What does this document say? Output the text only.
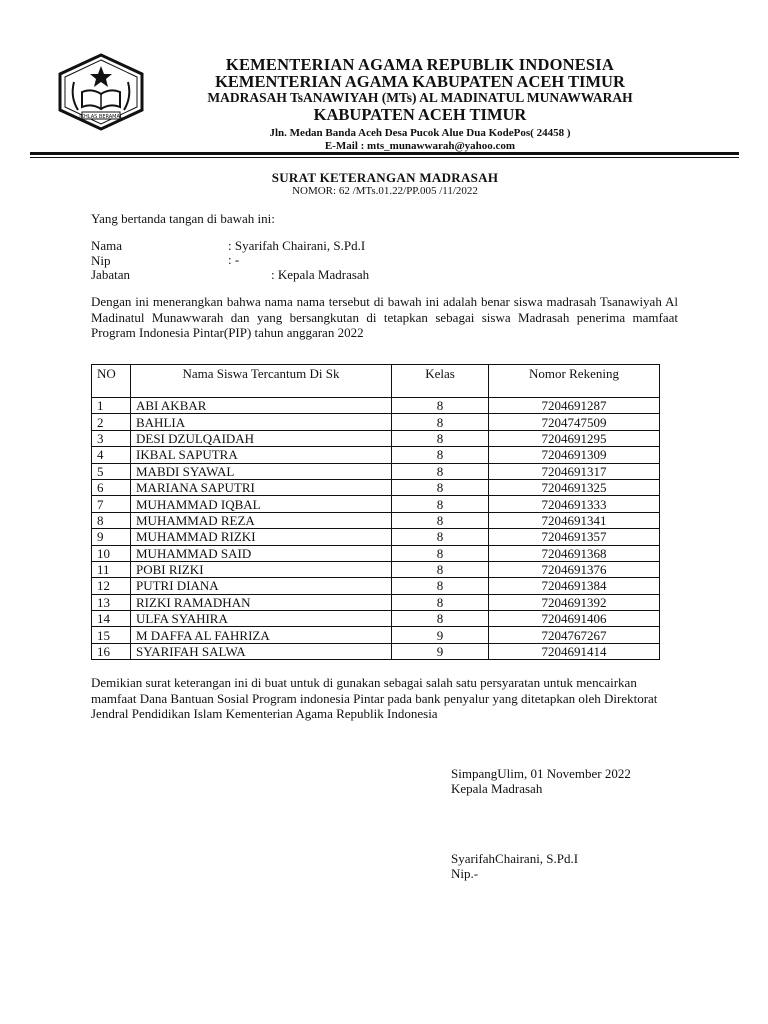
IKHLAS BERAMAL
KEMENTERIAN AGAMA REPUBLIK INDONESIA
KEMENTERIAN AGAMA KABUPATEN ACEH TIMUR
MADRASAH TsANAWIYAH (MTs) AL MADINATUL MUNAWWARAH
KABUPATEN ACEH TIMUR
Jln. Medan Banda Aceh Desa Pucok Alue Dua KodePos( 24458 )
E-Mail : mts_munawwarah@yahoo.com
SURAT KETERANGAN MADRASAH
NOMOR: 62 /MTs.01.22/PP.005 /11/2022
Yang bertanda tangan di bawah ini:
Nama	: Syarifah Chairani, S.Pd.I
Nip	: -
Jabatan	: Kepala Madrasah
Dengan ini menerangkan bahwa nama nama tersebut di bawah ini adalah benar siswa madrasah Tsanawiyah Al Madinatul Munawwarah dan yang bersangkutan di tetapkan sebagai siswa Madrasah penerima mamfaat Program Indonesia Pintar(PIP) tahun anggaran 2022
NO	Nama Siswa Tercantum Di Sk	Kelas	Nomor Rekening
1	ABI AKBAR	8	7204691287
2	BAHLIA	8	7204747509
3	DESI DZULQAIDAH	8	7204691295
4	IKBAL SAPUTRA	8	7204691309
5	MABDI SYAWAL	8	7204691317
6	MARIANA SAPUTRI	8	7204691325
7	MUHAMMAD IQBAL	8	7204691333
8	MUHAMMAD REZA	8	7204691341
9	MUHAMMAD RIZKI	8	7204691357
10	MUHAMMAD SAID	8	7204691368
11	POBI RIZKI	8	7204691376
12	PUTRI DIANA	8	7204691384
13	RIZKI RAMADHAN	8	7204691392
14	ULFA SYAHIRA	8	7204691406
15	M DAFFA AL FAHRIZA	9	7204767267
16	SYARIFAH SALWA	9	7204691414
Demikian surat keterangan ini di buat untuk di gunakan sebagai salah satu persyaratan untuk mencairkan mamfaat Dana Bantuan Sosial Program indonesia Pintar pada bank penyalur yang ditetapkan oleh Direktorat Jendral Pendidikan Islam Kementerian Agama Republik Indonesia
SimpangUlim, 01 November 2022
Kepala Madrasah
SyarifahChairani, S.Pd.I
Nip.-
